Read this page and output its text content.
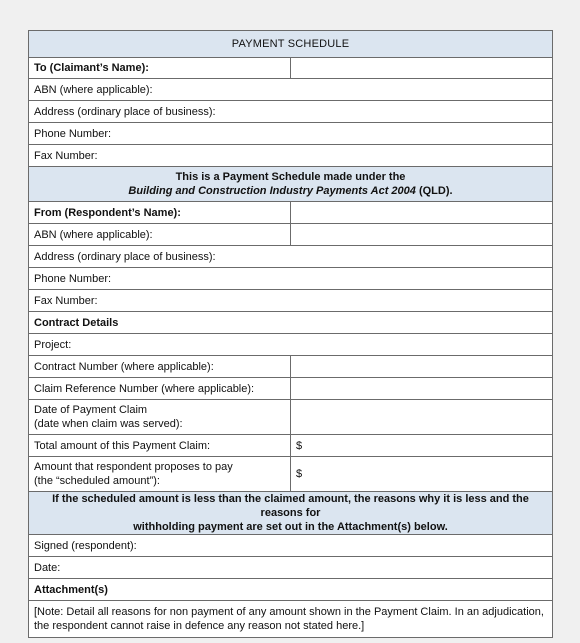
PAYMENT SCHEDULE	
To (Claimant’s Name):	
ABN (where applicable):	
Address (ordinary place of business):	
Phone Number:	
Fax Number:	
This is a Payment Schedule made under the
Building and Construction Industry Payments Act 2004 (QLD).	
From (Respondent’s Name):	
ABN (where applicable):	
Address (ordinary place of business):	
Phone Number:	
Fax Number:	
Contract Details	
Project:	
Contract Number (where applicable):	
Claim Reference Number (where applicable):	
Date of Payment Claim
(date when claim was served):	
Total amount of this Payment Claim:	$
Amount that respondent proposes to pay
(the “scheduled amount”):	$
If the scheduled amount is less than the claimed amount, the reasons why it is less and the reasons for
withholding payment are set out in the Attachment(s) below.	
Signed (respondent):	
Date:	
Attachment(s)	
[Note: Detail all reasons for non payment of any amount shown in the Payment Claim. In an adjudication,
the respondent cannot raise in defence any reason not stated here.]	
